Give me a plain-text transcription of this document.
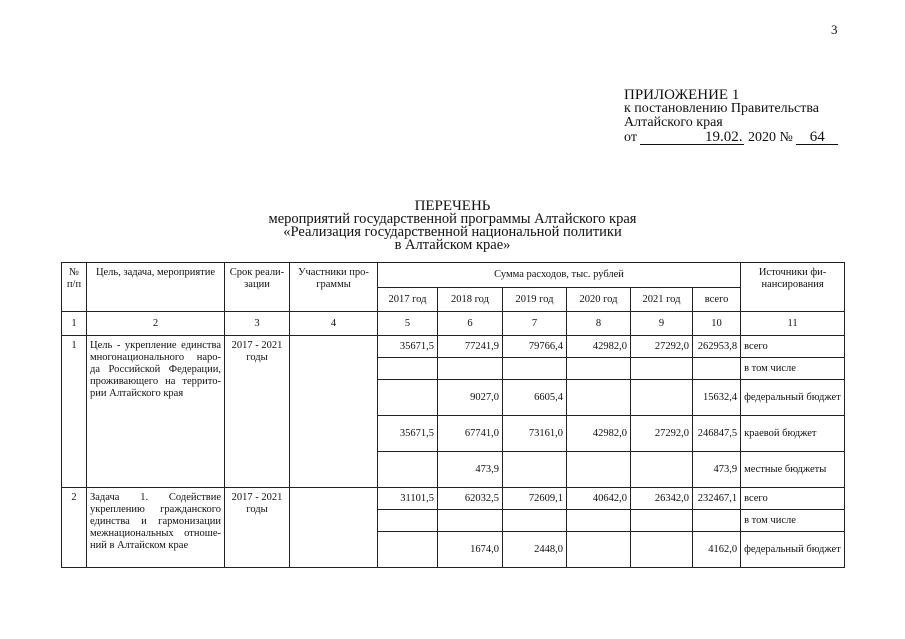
3
ПРИЛОЖЕНИЕ 1
к постановлению Правительства
Алтайского края
от	19.02. 2020 № 64
ПЕРЕЧЕНЬ
мероприятий государственной программы Алтайского края
«Реализация государственной национальной политики
в Алтайском крае»
№ п/п	Цель, задача, мероприятие	Срок реали-зации	Участники про-граммы	Сумма расходов, тыс. рублей						Источники фи-нансирования
				2017 год	2018 год	2019 год	2020 год	2021 год	всего	
1	2	3	4	5	6	7	8	9	10	11
1	Цель - укрепление единства многонационального наро-да Российской Федерации, проживающего на террито-рии Алтайского края	2017 - 2021 годы		35671,5	77241,9	79766,4	42982,0	27292,0	262953,8	всего
										в том числе
					9027,0	6605,4			15632,4	федеральный бюджет
				35671,5	67741,0	73161,0	42982,0	27292,0	246847,5	краевой бюджет
					473,9				473,9	местные бюджеты
2	Задача 1. Содействие укреплению гражданского единства и гармонизации межнациональных отноше-ний в Алтайском крае	2017 - 2021 годы		31101,5	62032,5	72609,1	40642,0	26342,0	232467,1	всего
										в том числе
					1674,0	2448,0			4162,0	федеральный бюджет
